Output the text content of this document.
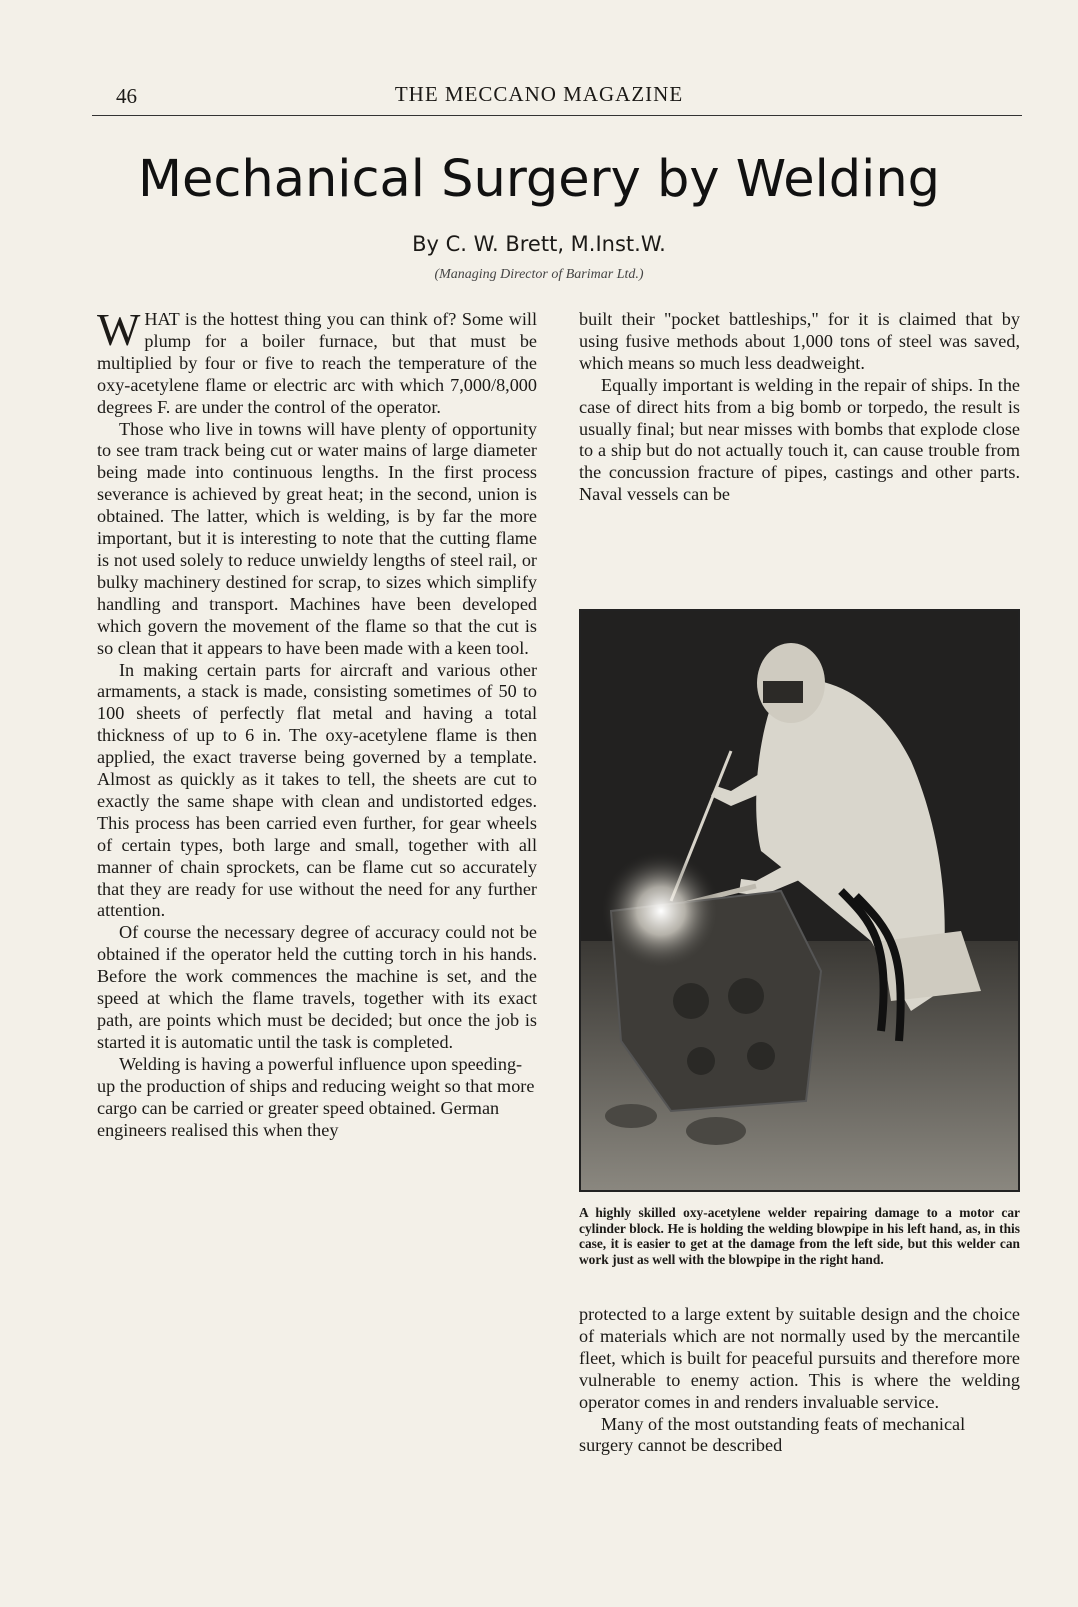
46	THE MECCANO MAGAZINE
Mechanical Surgery by Welding
By C. W. Brett, M.Inst.W.
(Managing Director of Barimar Ltd.)

WHAT is the hottest thing you can think of? Some will plump for a boiler furnace, but that must be multiplied by four or five to reach the temperature of the oxy-acetylene flame or electric arc with which 7,000/8,000 degrees F. are under the control of the operator.

Those who live in towns will have plenty of opportunity to see tram track being cut or water mains of large diameter being made into continuous lengths. In the first process severance is achieved by great heat; in the second, union is obtained. The latter, which is welding, is by far the more important, but it is interesting to note that the cutting flame is not used solely to reduce unwieldy lengths of steel rail, or bulky machinery destined for scrap, to sizes which simplify handling and transport. Machines have been developed which govern the movement of the flame so that the cut is so clean that it appears to have been made with a keen tool.

In making certain parts for aircraft and various other armaments, a stack is made, consisting sometimes of 50 to 100 sheets of perfectly flat metal and having a total thickness of up to 6 in. The oxy-acetylene flame is then applied, the exact traverse being governed by a template. Almost as quickly as it takes to tell, the sheets are cut to exactly the same shape with clean and undistorted edges. This process has been carried even further, for gear wheels of certain types, both large and small, together with all manner of chain sprockets, can be flame cut so accurately that they are ready for use without the need for any further attention.

Of course the necessary degree of accuracy could not be obtained if the operator held the cutting torch in his hands. Before the work commences the machine is set, and the speed at which the flame travels, together with its exact path, are points which must be decided; but once the job is started it is automatic until the task is completed.

Welding is having a powerful influence upon speeding-up the production of ships and reducing weight so that more cargo can be carried or greater speed obtained. German engineers realised this when they

built their "pocket battleships," for it is claimed that by using fusive methods about 1,000 tons of steel was saved, which means so much less deadweight.

Equally important is welding in the repair of ships. In the case of direct hits from a big bomb or torpedo, the result is usually final; but near misses with bombs that explode close to a ship but do not actually touch it, can cause trouble from the concussion fracture of pipes, castings and other parts. Naval vessels can be

A highly skilled oxy-acetylene welder repairing damage to a motor car cylinder block. He is holding the welding blowpipe in his left hand, as, in this case, it is easier to get at the damage from the left side, but this welder can work just as well with the blowpipe in the right hand.

protected to a large extent by suitable design and the choice of materials which are not normally used by the mercantile fleet, which is built for peaceful pursuits and therefore more vulnerable to enemy action. This is where the welding operator comes in and renders invaluable service.

Many of the most outstanding feats of mechanical surgery cannot be described
